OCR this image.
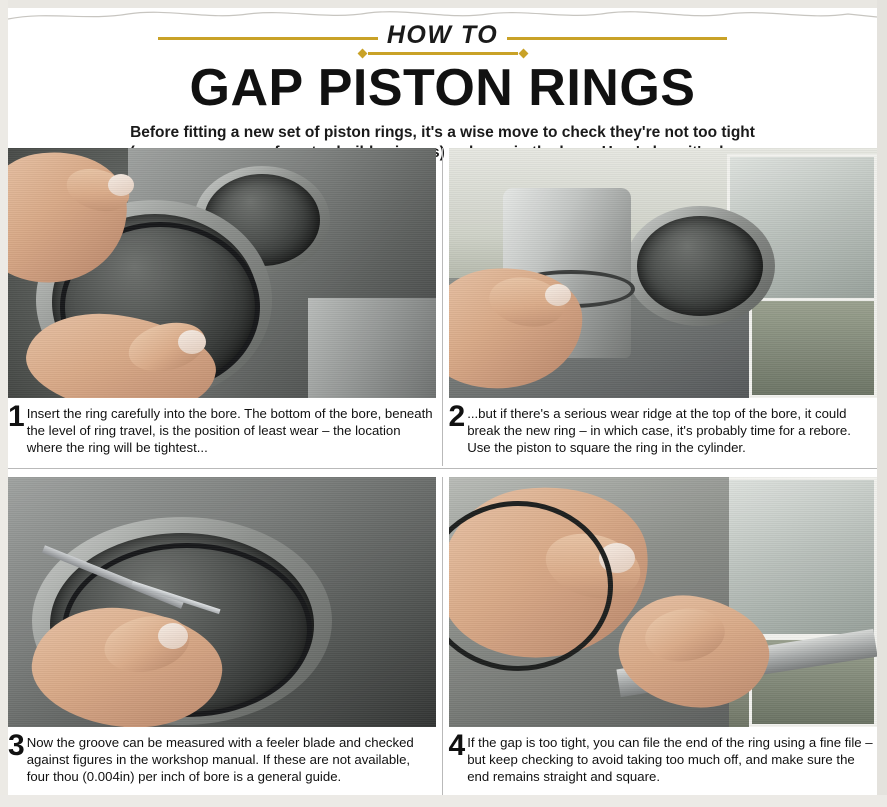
HOW TO
GAP PISTON RINGS
Before fitting a new set of piston rings, it's a wise move to check they're not too tight
1 Insert the ring carefully into the bore. The bottom of the bore, beneath the level of ring travel, is the position of least wear – the location where the ring will be tightest...
2 ...but if there's a serious wear ridge at the top of the bore, it could break the new ring – in which case, it's probably time for a rebore. Use the piston to square the ring in the cylinder.
3 Now the groove can be measured with a feeler blade and checked against figures in the workshop manual. If these are not available, four thou (0.004in) per inch of bore is a general guide.
4 If the gap is too tight, you can file the end of the ring using a fine file – but keep checking to avoid taking too much off, and make sure the end remains straight and square.
